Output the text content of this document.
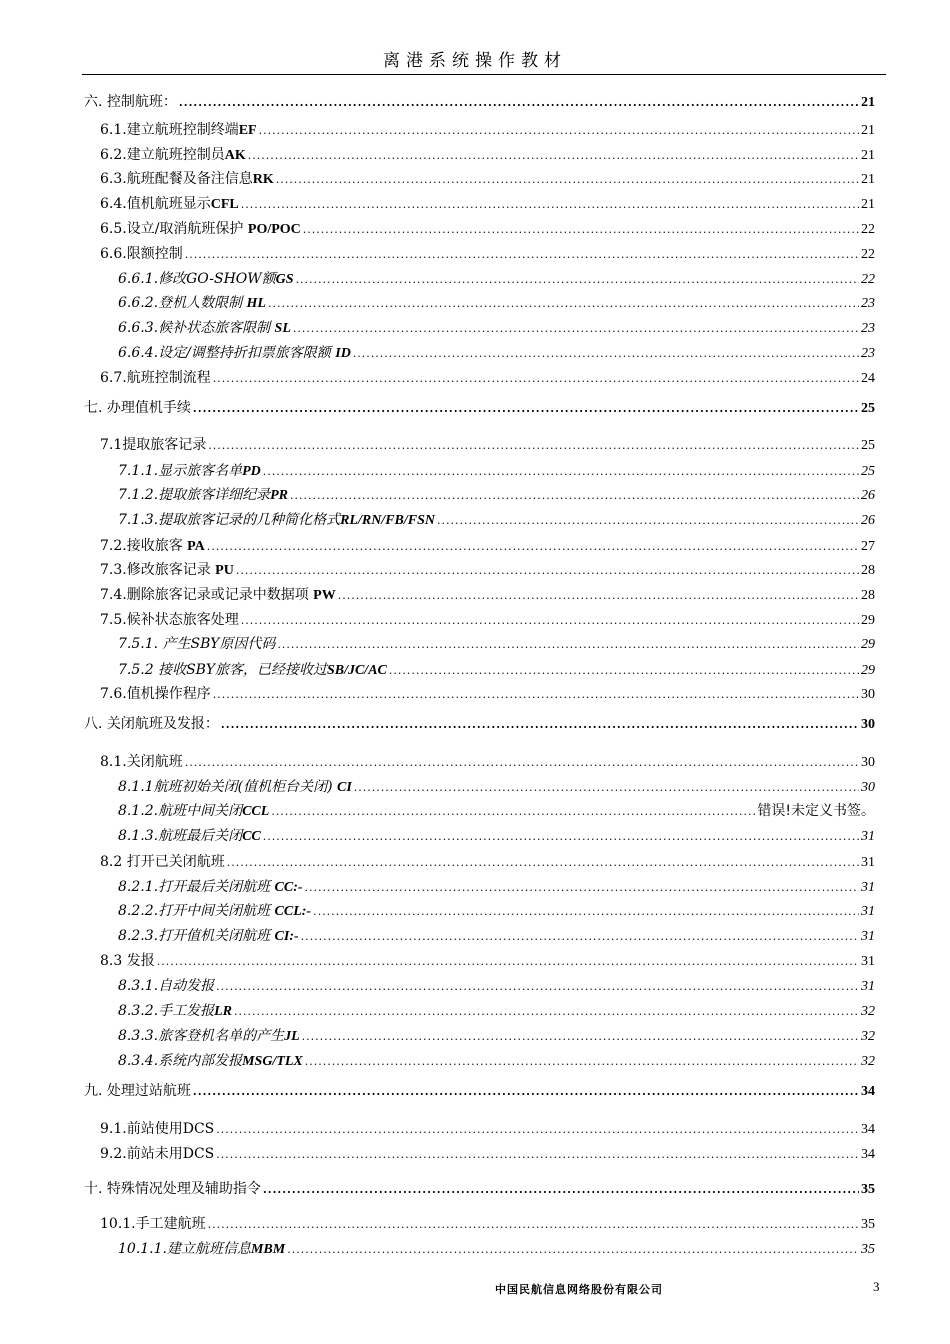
离港系统操作教材
六. 控制航班： .....	21
6.1.建立航班控制终端EF .....	21
6.2.建立航班控制员AK .....	21
6.3.航班配餐及备注信息RK .....	21
6.4.值机航班显示CFL .....	21
6.5.设立/取消航班保护 PO/POC .....	22
6.6.限额控制 .....	22
6.6.1.修改GO-SHOW额GS .....	22
6.6.2.登机人数限制 HL .....	23
6.6.3.候补状态旅客限制 SL .....	23
6.6.4.设定/调整持折扣票旅客限额 ID .....	23
6.7.航班控制流程 .....	24
七. 办理值机手续 .....	25
7.1提取旅客记录 .....	25
7.1.1.显示旅客名单PD .....	25
7.1.2.提取旅客详细纪录PR .....	26
7.1.3.提取旅客记录的几种简化格式RL/RN/FB/FSN .....	26
7.2.接收旅客 PA .....	27
7.3.修改旅客记录 PU .....	28
7.4.删除旅客记录或记录中数据项 PW .....	28
7.5.候补状态旅客处理 .....	29
7.5.1. 产生SBY原因代码 .....	29
7.5.2 接收SBY旅客，已经接收过SB/JC/AC .....	29
7.6.值机操作程序 .....	30
八. 关闭航班及发报： .....	30
8.1.关闭航班 .....	30
8.1.1航班初始关闭(值机柜台关闭) CI .....	30
8.1.2.航班中间关闭CCL .....	错误!未定义书签。
8.1.3.航班最后关闭CC .....	31
8.2 打开已关闭航班 .....	31
8.2.1.打开最后关闭航班 CC:- .....	31
8.2.2.打开中间关闭航班 CCL:- .....	31
8.2.3.打开值机关闭航班 CI:- .....	31
8.3 发报 .....	31
8.3.1.自动发报 .....	31
8.3.2.手工发报LR .....	32
8.3.3.旅客登机名单的产生JL .....	32
8.3.4.系统内部发报MSG/TLX .....	32
九. 处理过站航班 .....	34
9.1.前站使用DCS .....	34
9.2.前站未用DCS .....	34
十. 特殊情况处理及辅助指令 .....	35
10.1.手工建航班 .....	35
10.1.1.建立航班信息MBM .....	35
中国民航信息网络股份有限公司	3
